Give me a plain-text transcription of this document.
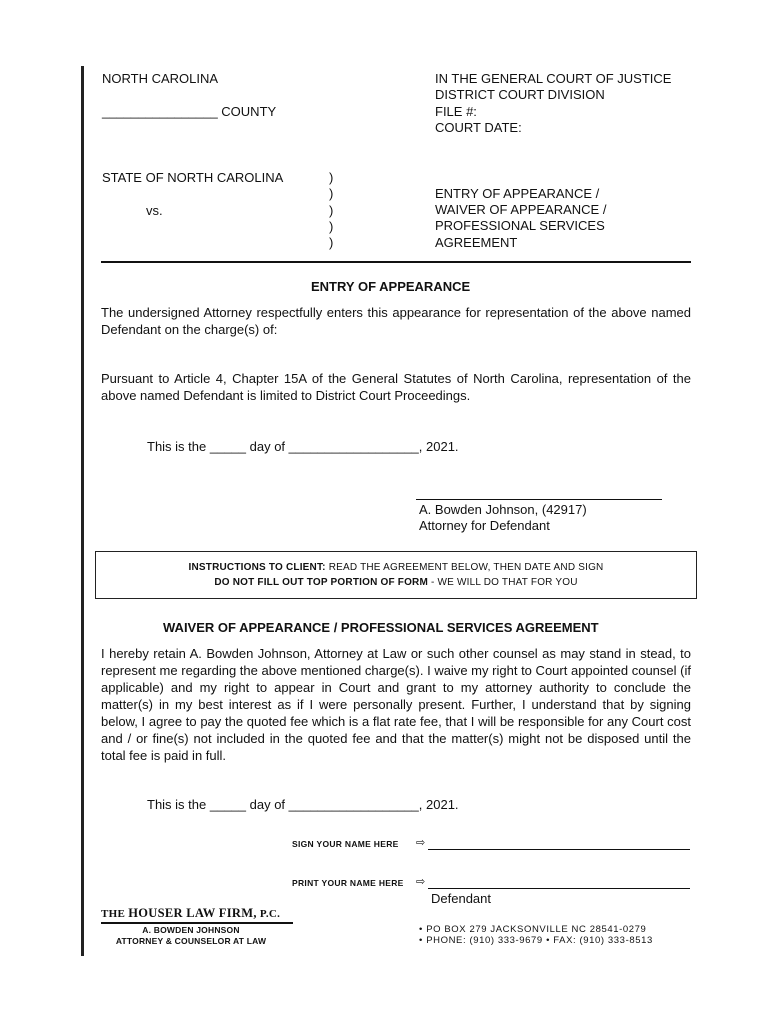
NORTH CAROLINA
________________ COUNTY
IN THE GENERAL COURT OF JUSTICE
DISTRICT COURT DIVISION
FILE #:
COURT DATE:
STATE OF NORTH CAROLINA
vs.
)
)
)
)
)
ENTRY OF APPEARANCE /
WAIVER OF APPEARANCE /
PROFESSIONAL SERVICES
AGREEMENT
ENTRY OF APPEARANCE
The undersigned Attorney respectfully enters this appearance for representation of the above named Defendant on the charge(s) of:
Pursuant to Article 4, Chapter 15A of the General Statutes of North Carolina, representation of the above named Defendant is limited to District Court Proceedings.
This is the _____ day of __________________, 2021.
A. Bowden Johnson, (42917)
Attorney for Defendant
INSTRUCTIONS TO CLIENT: READ THE AGREEMENT BELOW, THEN DATE AND SIGN
DO NOT FILL OUT TOP PORTION OF FORM - WE WILL DO THAT FOR YOU
WAIVER OF APPEARANCE / PROFESSIONAL SERVICES AGREEMENT
I hereby retain A. Bowden Johnson, Attorney at Law or such other counsel as may stand in stead, to represent me regarding the above mentioned charge(s). I waive my right to Court appointed counsel (if applicable) and my right to appear in Court and grant to my attorney authority to conclude the matter(s) in my best interest as if I were personally present. Further, I understand that by signing below, I agree to pay the quoted fee which is a flat rate fee, that I will be responsible for any Court cost and / or fine(s) not included in the quoted fee and that the matter(s) might not be disposed until the total fee is paid in full.
This is the _____ day of __________________, 2021.
SIGN YOUR NAME HERE ⇨
PRINT YOUR NAME HERE ⇨
Defendant
THE HOUSER LAW FIRM, P.C.
A. BOWDEN JOHNSON
ATTORNEY & COUNSELOR AT LAW
• PO BOX 279 JACKSONVILLE NC 28541-0279
• PHONE: (910) 333-9679 • FAX: (910) 333-8513
